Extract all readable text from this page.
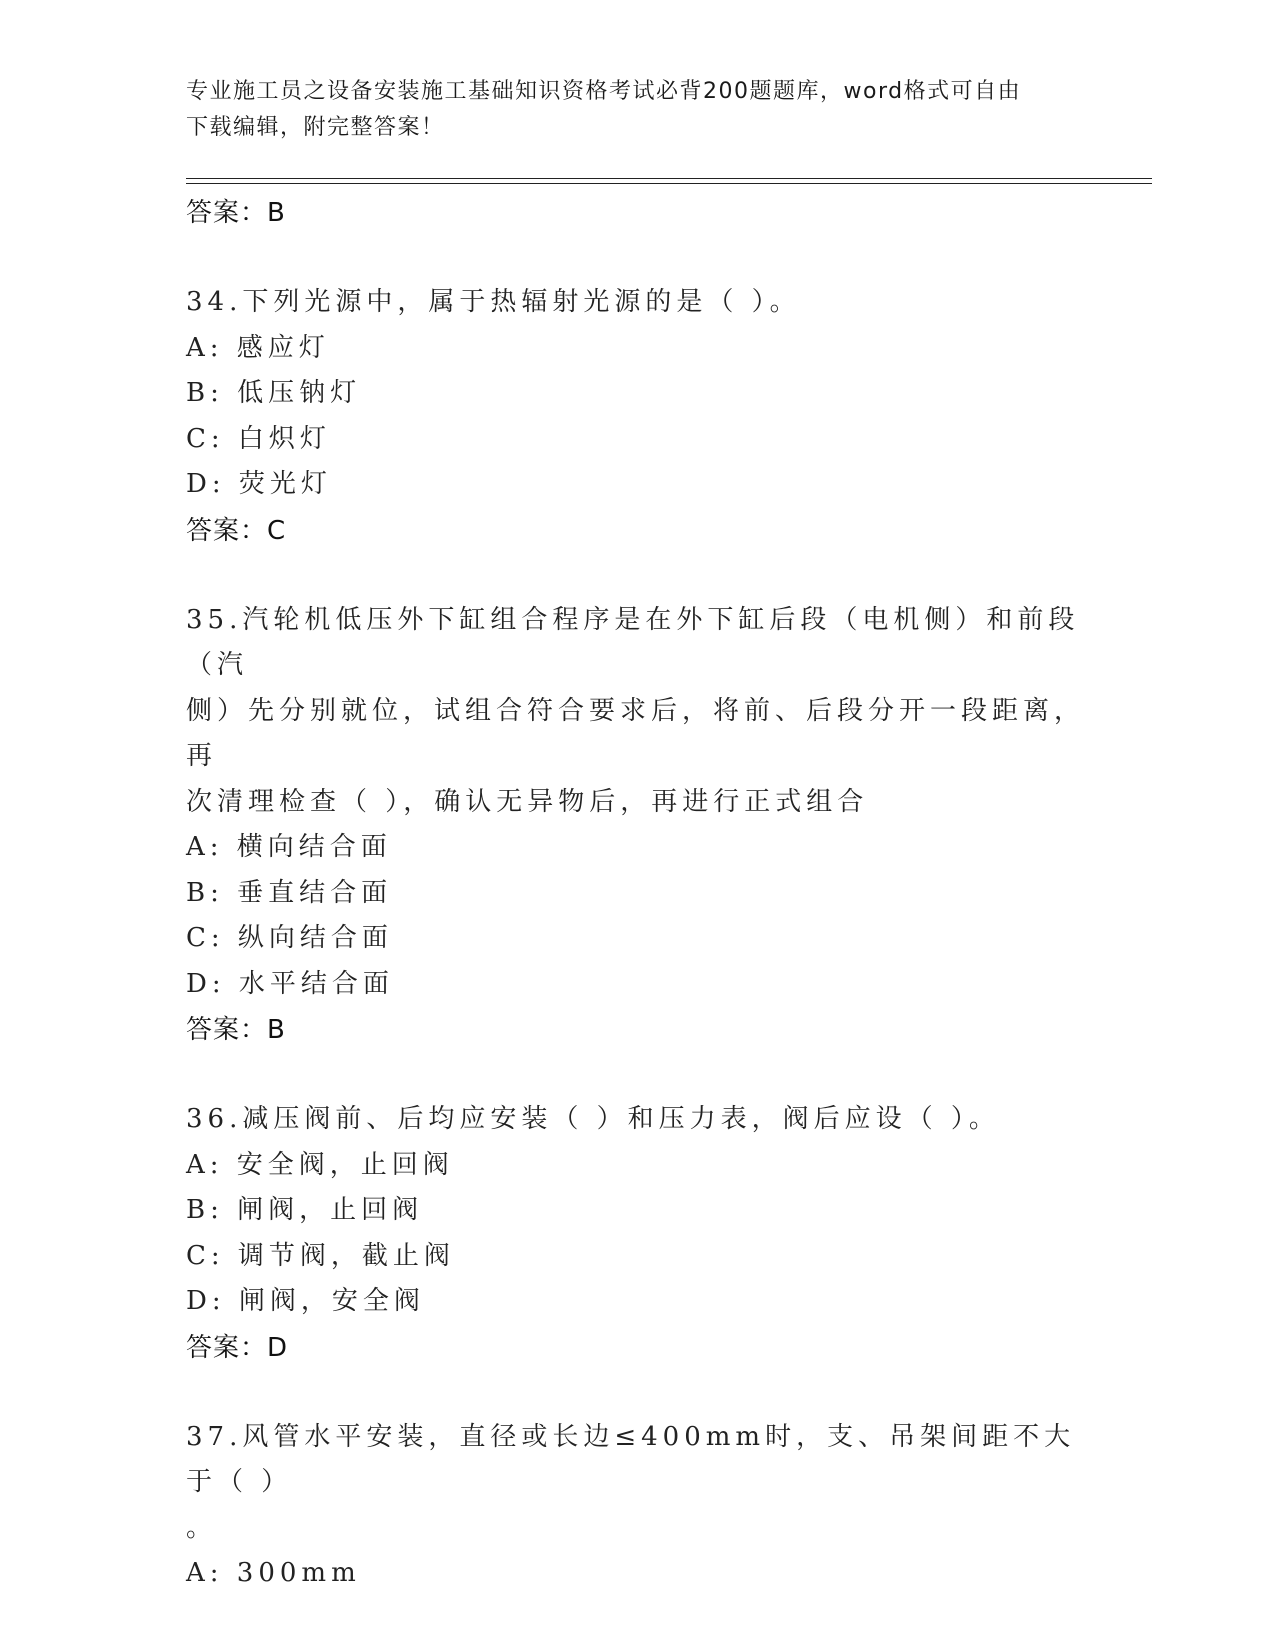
专业施工员之设备安装施工基础知识资格考试必背200题题库，word格式可自由
下载编辑，附完整答案！
答案：B
34.下列光源中，属于热辐射光源的是（ ）。
A: 感应灯
B: 低压钠灯
C: 白炽灯
D: 荧光灯
答案：C
35.汽轮机低压外下缸组合程序是在外下缸后段（电机侧）和前段（汽
侧）先分别就位，试组合符合要求后，将前、后段分开一段距离，再
次清理检查（ ），确认无异物后，再进行正式组合
A: 横向结合面
B: 垂直结合面
C: 纵向结合面
D: 水平结合面
答案：B
36.减压阀前、后均应安装（ ）和压力表，阀后应设（ ）。
A: 安全阀，止回阀
B: 闸阀，止回阀
C: 调节阀，截止阀
D: 闸阀，安全阀
答案：D
37.风管水平安装，直径或长边≤400mm时，支、吊架间距不大于（ ）
。
A: 300mm
